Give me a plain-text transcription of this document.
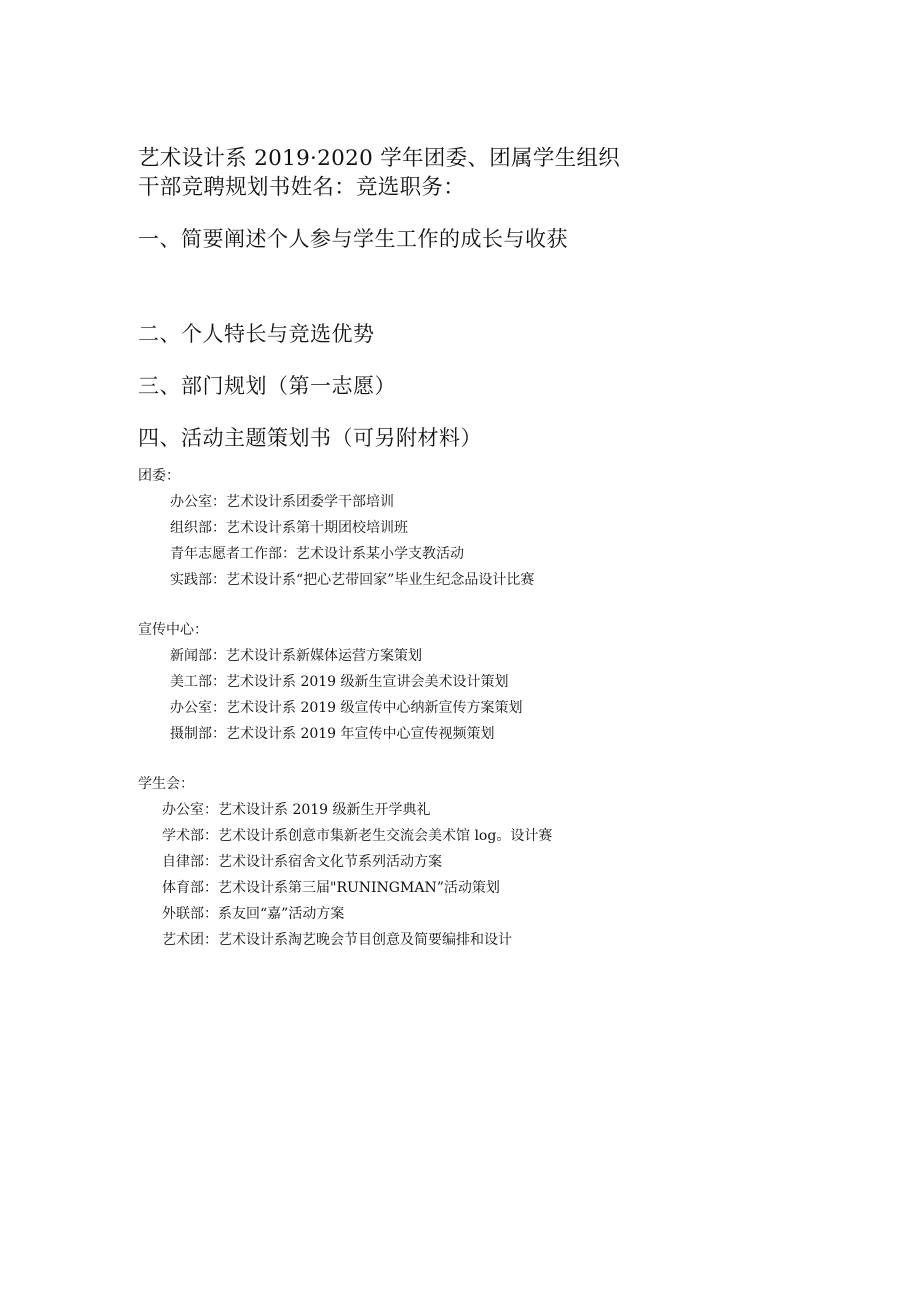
艺术设计系 2019·2020 学年团委、团属学生组织干部竞聘规划书姓名：竞选职务：
一、简要阐述个人参与学生工作的成长与收获
二、个人特长与竞选优势
三、部门规划（第一志愿）
四、活动主题策划书（可另附材料）
团委：
办公室：艺术设计系团委学干部培训
组织部：艺术设计系第十期团校培训班
青年志愿者工作部：艺术设计系某小学支教活动
实践部：艺术设计系“把心艺带回家”毕业生纪念品设计比赛
宣传中心：
新闻部：艺术设计系新媒体运营方案策划
美工部：艺术设计系 2019 级新生宣讲会美术设计策划
办公室：艺术设计系 2019 级宣传中心纳新宣传方案策划
摄制部：艺术设计系 2019 年宣传中心宣传视频策划
学生会：
办公室：艺术设计系 2019 级新生开学典礼
学术部：艺术设计系创意市集新老生交流会美术馆 log。设计赛
自律部：艺术设计系宿舍文化节系列活动方案
体育部：艺术设计系第三届"RUNINGMAN”活动策划
外联部：系友回“嘉”活动方案
艺术团：艺术设计系淘艺晚会节目创意及简要编排和设计
